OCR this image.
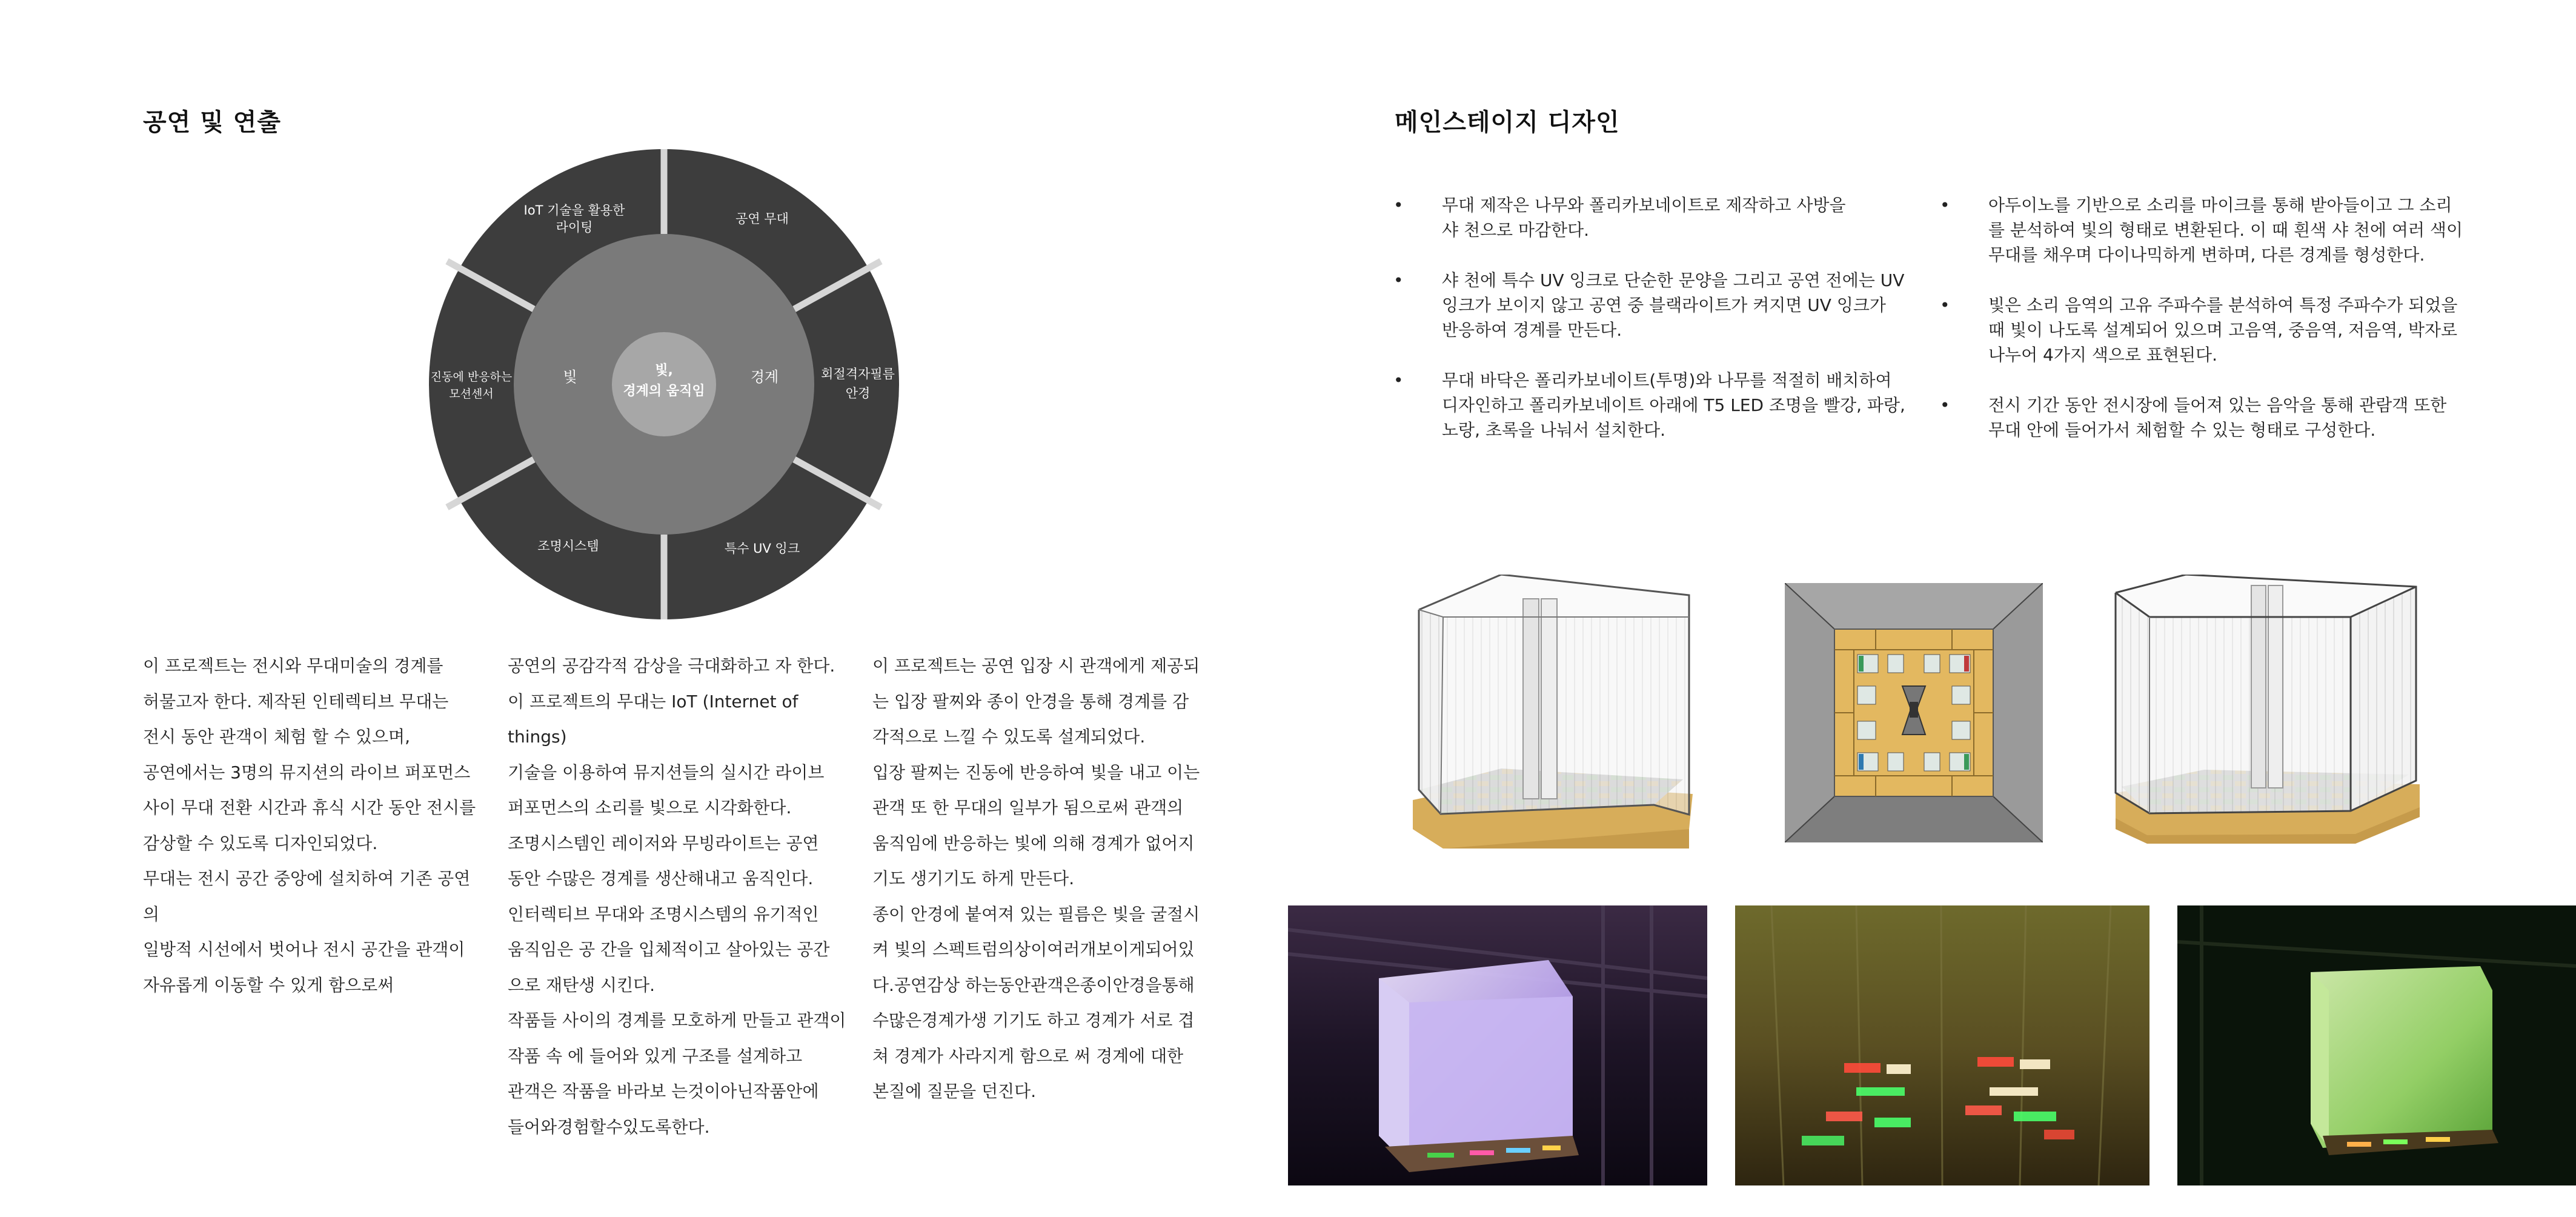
공연 및 연출
빛,
경계의 움직임
빛	경계
IoT 기술을 활용한
라이팅
공연 무대
회절격자필름
안경
특수 UV 잉크
조명시스템
진동에 반응하는
모션센서
이 프로젝트는 전시와 무대미술의 경계를
허물고자 한다. 제작된 인테렉티브 무대는
전시 동안 관객이 체험 할 수 있으며,
공연에서는 3명의 뮤지션의 라이브 퍼포먼스
사이 무대 전환 시간과 휴식 시간 동안 전시를
감상할 수 있도록 디자인되었다.
무대는 전시 공간 중앙에 설치하여 기존 공연의
일방적 시선에서 벗어나 전시 공간을 관객이
자유롭게 이동할 수 있게 함으로써
공연의 공감각적 감상을 극대화하고 자 한다.
이 프로젝트의 무대는 IoT (Internet of things)
기술을 이용하여 뮤지션들의 실시간 라이브
퍼포먼스의 소리를 빛으로 시각화한다.
조명시스템인 레이저와 무빙라이트는 공연
동안 수많은 경계를 생산해내고 움직인다.
인터렉티브 무대와 조명시스템의 유기적인
움직임은 공 간을 입체적이고 살아있는 공간
으로 재탄생 시킨다.
작품들 사이의 경계를 모호하게 만들고 관객이
작품 속 에 들어와 있게 구조를 설계하고
관객은 작품을 바라보 는것이아닌작품안에
들어와경험할수있도록한다.
이 프로젝트는 공연 입장 시 관객에게 제공되
는 입장 팔찌와 종이 안경을 통해 경계를 감
각적으로 느낄 수 있도록 설계되었다.
입장 팔찌는 진동에 반응하여 빛을 내고 이는
관객 또 한 무대의 일부가 됨으로써 관객의
움직임에 반응하는 빛에 의해 경계가 없어지
기도 생기기도 하게 만든다.
종이 안경에 붙여져 있는 필름은 빛을 굴절시
켜 빛의 스펙트럼의상이여러개보이게되어있
다.공연감상 하는동안관객은종이안경을통해
수많은경계가생 기기도 하고 경계가 서로 겹
쳐 경계가 사라지게 함으로 써 경계에 대한
본질에 질문을 던진다.
메인스테이지 디자인
• 무대 제작은 나무와 폴리카보네이트로 제작하고 사방을
샤 천으로 마감한다.
• 샤 천에 특수 UV 잉크로 단순한 문양을 그리고 공연 전에는 UV
잉크가 보이지 않고 공연 중 블랙라이트가 켜지면 UV 잉크가
반응하여 경계를 만든다.
• 무대 바닥은 폴리카보네이트(투명)와 나무를 적절히 배치하여
디자인하고 폴리카보네이트 아래에 T5 LED 조명을 빨강, 파랑,
노랑, 초록을 나눠서 설치한다.
• 아두이노를 기반으로 소리를 마이크를 통해 받아들이고 그 소리
를 분석하여 빛의 형태로 변환된다. 이 때 흰색 샤 천에 여러 색이
무대를 채우며 다이나믹하게 변하며, 다른 경계를 형성한다.
• 빛은 소리 음역의 고유 주파수를 분석하여 특정 주파수가 되었을
때 빛이 나도록 설계되어 있으며 고음역, 중음역, 저음역, 박자로
나누어 4가지 색으로 표현된다.
• 전시 기간 동안 전시장에 들어져 있는 음악을 통해 관람객 또한
무대 안에 들어가서 체험할 수 있는 형태로 구성한다.
